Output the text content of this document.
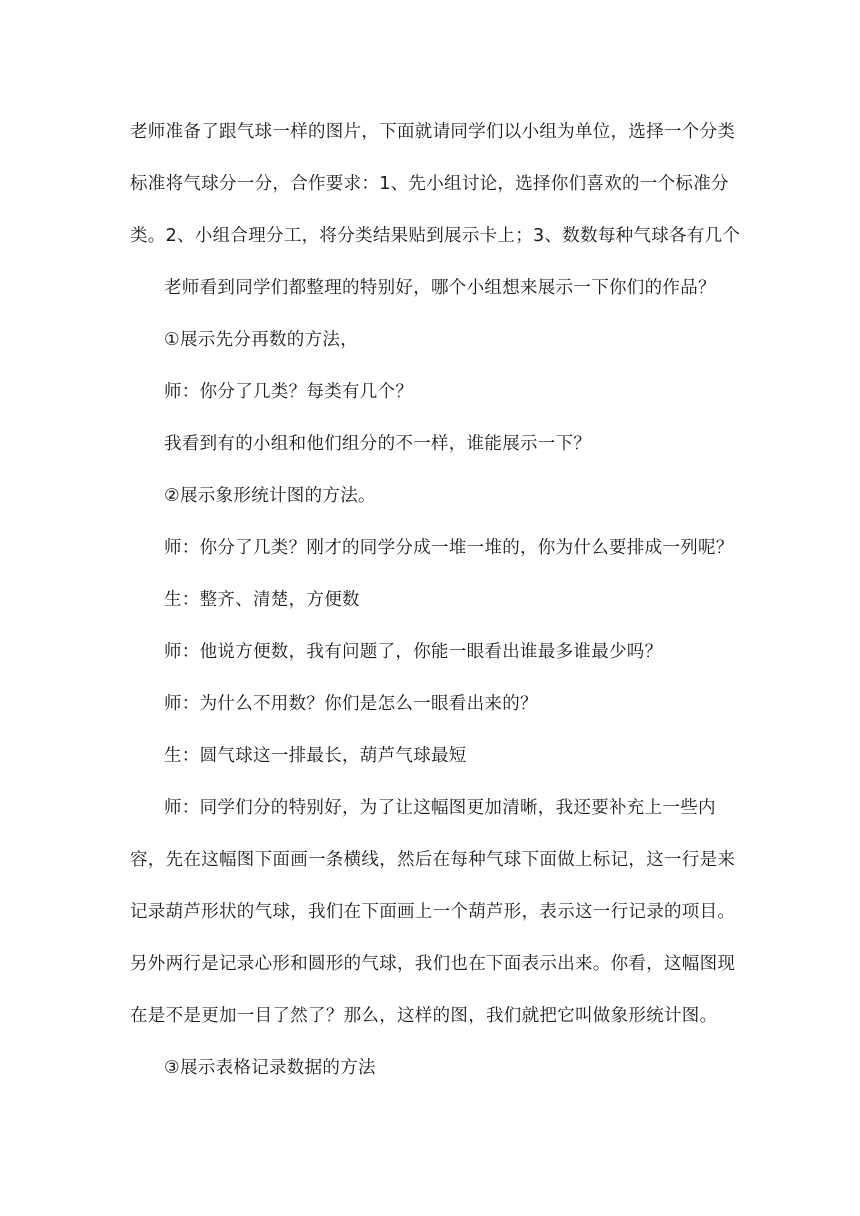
老师准备了跟气球一样的图片，下面就请同学们以小组为单位，选择一个分类
标准将气球分一分，合作要求：1、先小组讨论，选择你们喜欢的一个标准分
类。2、小组合理分工，将分类结果贴到展示卡上；3、数数每种气球各有几个
老师看到同学们都整理的特别好，哪个小组想来展示一下你们的作品？
①展示先分再数的方法，
师：你分了几类？每类有几个？
我看到有的小组和他们组分的不一样，谁能展示一下？
②展示象形统计图的方法。
师：你分了几类？刚才的同学分成一堆一堆的，你为什么要排成一列呢？
生：整齐、清楚，方便数
师：他说方便数，我有问题了，你能一眼看出谁最多谁最少吗？
师：为什么不用数？你们是怎么一眼看出来的？
生：圆气球这一排最长，葫芦气球最短
师：同学们分的特别好，为了让这幅图更加清晰，我还要补充上一些内
容，先在这幅图下面画一条横线，然后在每种气球下面做上标记，这一行是来
记录葫芦形状的气球，我们在下面画上一个葫芦形，表示这一行记录的项目。
另外两行是记录心形和圆形的气球，我们也在下面表示出来。你看，这幅图现
在是不是更加一目了然了？那么，这样的图，我们就把它叫做象形统计图。
③展示表格记录数据的方法
